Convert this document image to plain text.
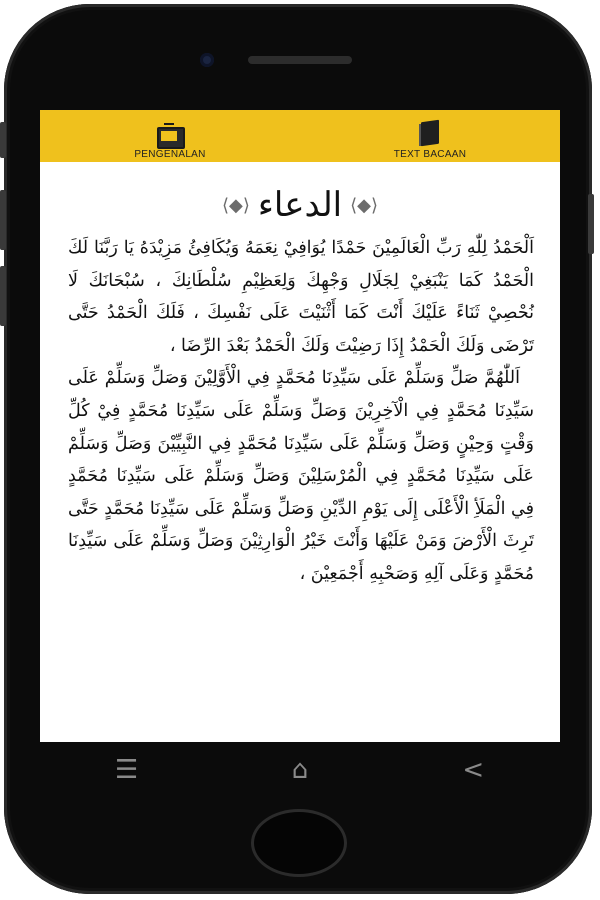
PENGENALAN	TEXT BACAAN
⟨◆⟩ الدعاء ⟨◆⟩

اَلْحَمْدُ لِلّٰهِ رَبِّ الْعَالَمِيْنَ حَمْدًا يُوَافِيْ نِعَمَهُ وَيُكَافِئُ مَزِيْدَهُ يَا رَبَّنَا لَكَ الْحَمْدُ كَمَا يَنْبَغِيْ لِجَلَالِ وَجْهِكَ وَلِعَظِيْمِ سُلْطَانِكَ ، سُبْحَانَكَ لَا نُحْصِيْ ثَنَاءً عَلَيْكَ أَنْتَ كَمَا أَثْنَيْتَ عَلَى نَفْسِكَ ، فَلَكَ الْحَمْدُ حَتَّى تَرْضَى وَلَكَ الْحَمْدُ إِذَا رَضِيْتَ وَلَكَ الْحَمْدُ بَعْدَ الرِّضَا ،

اَللّٰهُمَّ صَلِّ وَسَلِّمْ عَلَى سَيِّدِنَا مُحَمَّدٍ فِي الْأَوَّلِيْنَ وَصَلِّ وَسَلِّمْ عَلَى سَيِّدِنَا مُحَمَّدٍ فِي الْآخِرِيْنَ وَصَلِّ وَسَلِّمْ عَلَى سَيِّدِنَا مُحَمَّدٍ فِيْ كُلِّ وَقْتٍ وَحِيْنٍ وَصَلِّ وَسَلِّمْ عَلَى سَيِّدِنَا مُحَمَّدٍ فِي النَّبِيِّيْنَ وَصَلِّ وَسَلِّمْ عَلَى سَيِّدِنَا مُحَمَّدٍ فِي الْمُرْسَلِيْنَ وَصَلِّ وَسَلِّمْ عَلَى سَيِّدِنَا مُحَمَّدٍ فِي الْمَلَأِ الْأَعْلَى إِلَى يَوْمِ الدِّيْنِ وَصَلِّ وَسَلِّمْ عَلَى سَيِّدِنَا مُحَمَّدٍ حَتَّى تَرِثَ الْأَرْضَ وَمَنْ عَلَيْهَا وَأَنْتَ خَيْرُ الْوَارِثِيْنَ وَصَلِّ وَسَلِّمْ عَلَى سَيِّدِنَا مُحَمَّدٍ وَعَلَى آلِهِ وَصَحْبِهِ أَجْمَعِيْنَ ،

☰	⌂	<
